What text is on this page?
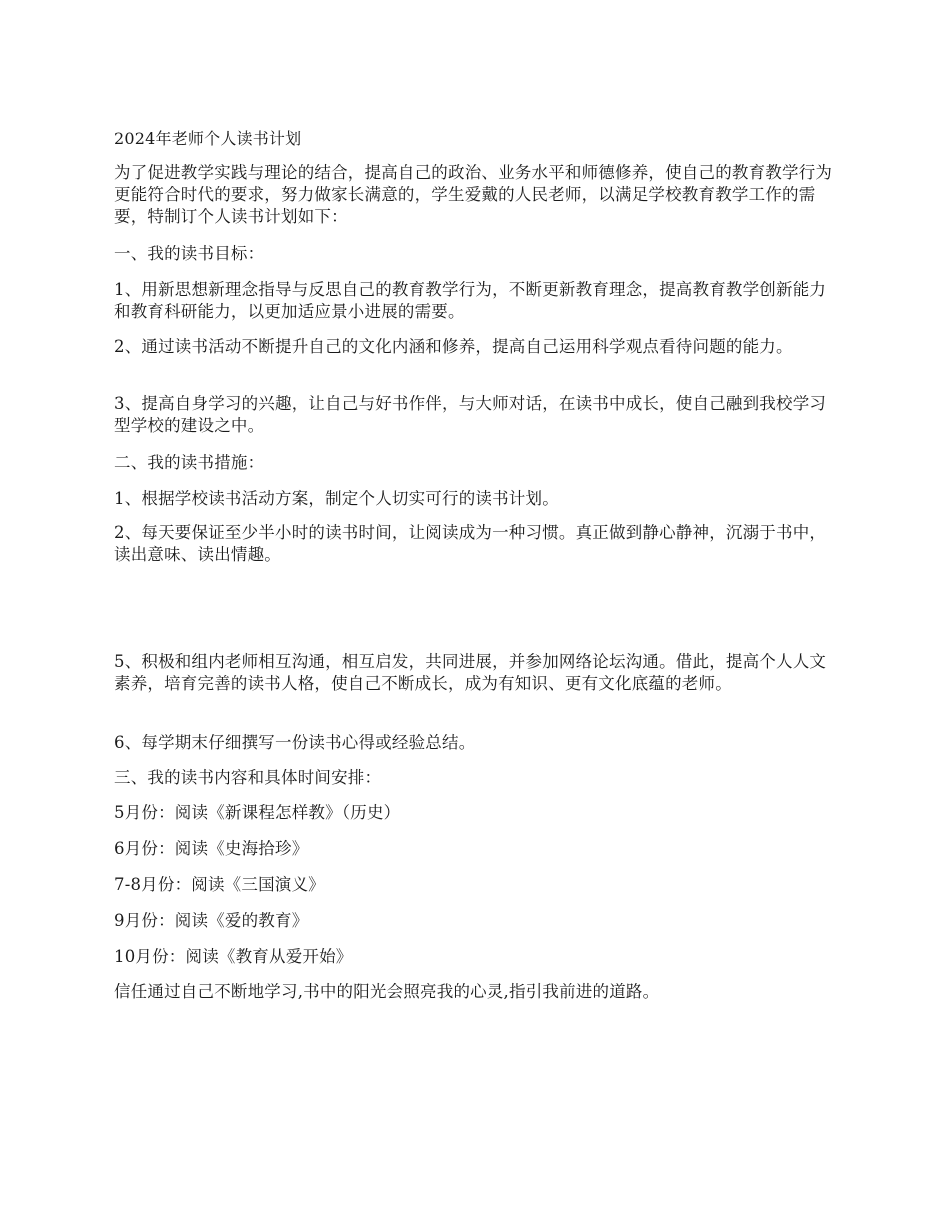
2024年老师个人读书计划

为了促进教学实践与理论的结合，提高自己的政治、业务水平和师德修养，使自己的教育教学行为更能符合时代的要求，努力做家长满意的，学生爱戴的人民老师，以满足学校教育教学工作的需要，特制订个人读书计划如下：

一、我的读书目标：

1、用新思想新理念指导与反思自己的教育教学行为，不断更新教育理念，提高教育教学创新能力和教育科研能力，以更加适应景小进展的需要。

2、通过读书活动不断提升自己的文化内涵和修养，提高自己运用科学观点看待问题的能力。

3、提高自身学习的兴趣，让自己与好书作伴，与大师对话，在读书中成长，使自己融到我校学习型学校的建设之中。

二、我的读书措施：

1、根据学校读书活动方案，制定个人切实可行的读书计划。

2、每天要保证至少半小时的读书时间，让阅读成为一种习惯。真正做到静心静神，沉溺于书中，读出意味、读出情趣。

5、积极和组内老师相互沟通，相互启发，共同进展，并参加网络论坛沟通。借此，提高个人人文素养，培育完善的读书人格，使自己不断成长，成为有知识、更有文化底蕴的老师。

6、每学期末仔细撰写一份读书心得或经验总结。

三、我的读书内容和具体时间安排：

5月份：阅读《新课程怎样教》（历史）

6月份：阅读《史海拾珍》

7-8月份：阅读《三国演义》

9月份：阅读《爱的教育》

10月份：阅读《教育从爱开始》

信任通过自己不断地学习,书中的阳光会照亮我的心灵,指引我前进的道路。
